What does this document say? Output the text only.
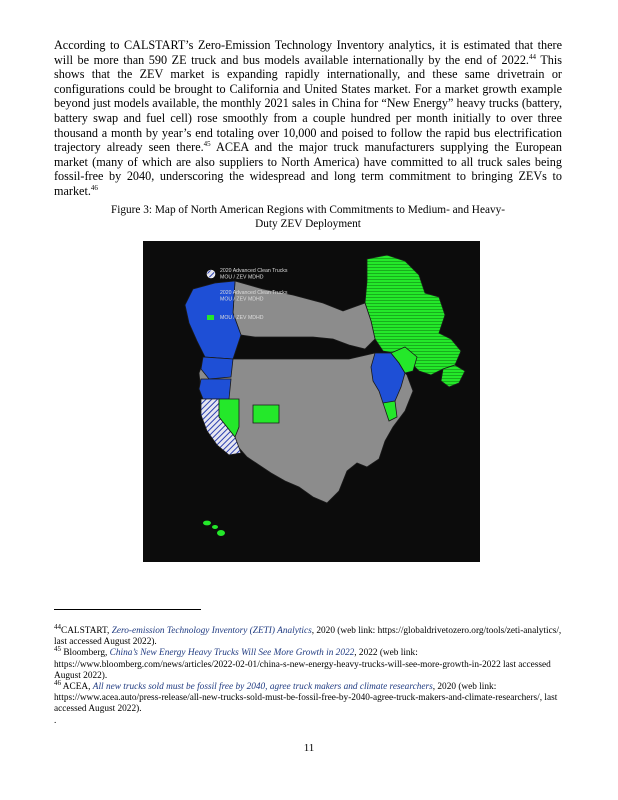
According to CALSTART’s Zero-Emission Technology Inventory analytics, it is estimated that there will be more than 590 ZE truck and bus models available internationally by the end of 2022.44 This shows that the ZEV market is expanding rapidly internationally, and these same drivetrain or configurations could be brought to California and United States market. For a market growth example beyond just models available, the monthly 2021 sales in China for “New Energy” heavy trucks (battery, battery swap and fuel cell) rose smoothly from a couple hundred per month initially to over three thousand a month by year’s end totaling over 10,000 and poised to follow the rapid bus electrification trajectory already seen there.$^{45}$ ACEA and the major truck manufacturers supplying the European market (many of which are also suppliers to North America) have committed to all truck sales being fossil-free by 2040, underscoring the widespread and long term commitment to bringing ZEVs to market.$^{46}$

Figure 3: Map of North American Regions with Commitments to Medium- and Heavy-
Duty ZEV Deployment

2020 Advanced Clean Trucks
MOU / ZEV MDHD
2020 Advanced Clean Trucks
MOU / ZEV MDHD
MOU / ZEV MDHD

$^{44}$CALSTART, Zero-emission Technology Inventory (ZETI) Analytics, 2020 (web link: https://globaldrivetozero.org/tools/zeti-analytics/, last accessed August 2022).

$^{45}$ Bloomberg, China’s New Energy Heavy Trucks Will See More Growth in 2022, 2022 (web link: https://www.bloomberg.com/news/articles/2022-02-01/china-s-new-energy-heavy-trucks-will-see-more-growth-in-2022 last accessed August 2022).

$^{46}$ ACEA, All new trucks sold must be fossil free by 2040, agree truck makers and climate researchers, 2020 (web link: https://www.acea.auto/press-release/all-new-trucks-sold-must-be-fossil-free-by-2040-agree-truck-makers-and-climate-researchers/, last accessed August 2022).

.

11
